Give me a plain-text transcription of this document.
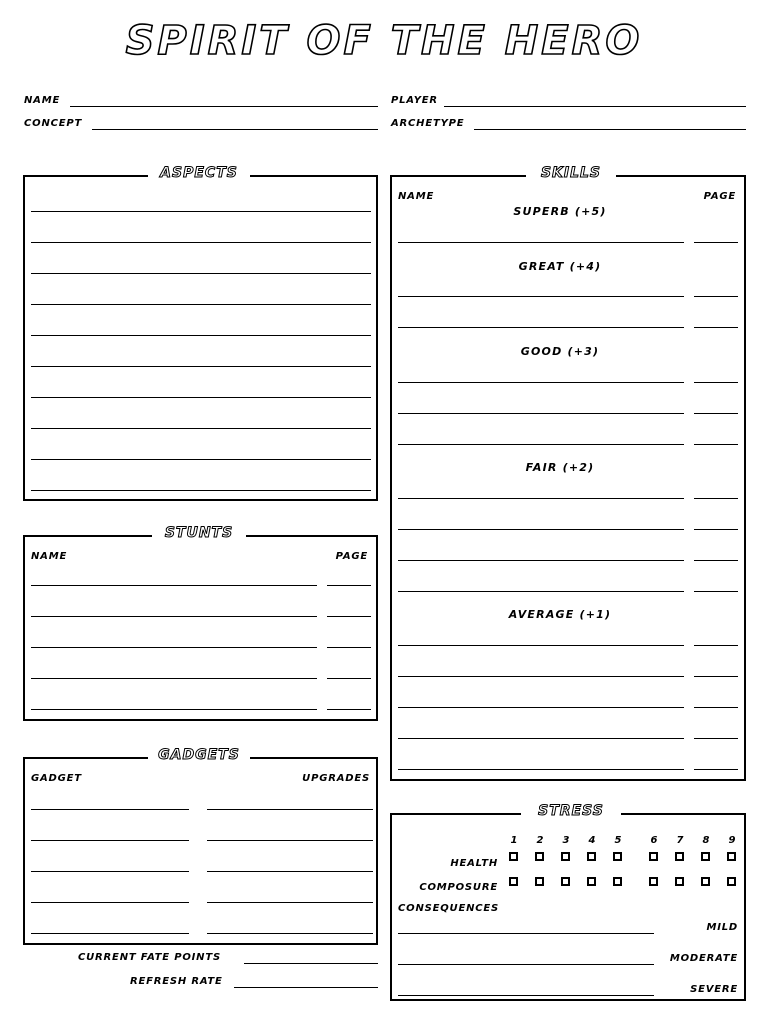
SPIRIT OF THE HERO
NAME	PLAYER
CONCEPT	ARCHETYPE
ASPECTS
NAME	PAGE
STUNTS
GADGET	UPGRADES
GADGETS
CURRENT FATE POINTS
REFRESH RATE
NAME	PAGE
SUPERB (+5)
GREAT (+4)
GOOD (+3)
FAIR (+2)
AVERAGE (+1)
SKILLS
1 2 3 4 5	6 7 8 9
HEALTH
COMPOSURE
CONSEQUENCES
MILD
MODERATE
SEVERE
STRESS
